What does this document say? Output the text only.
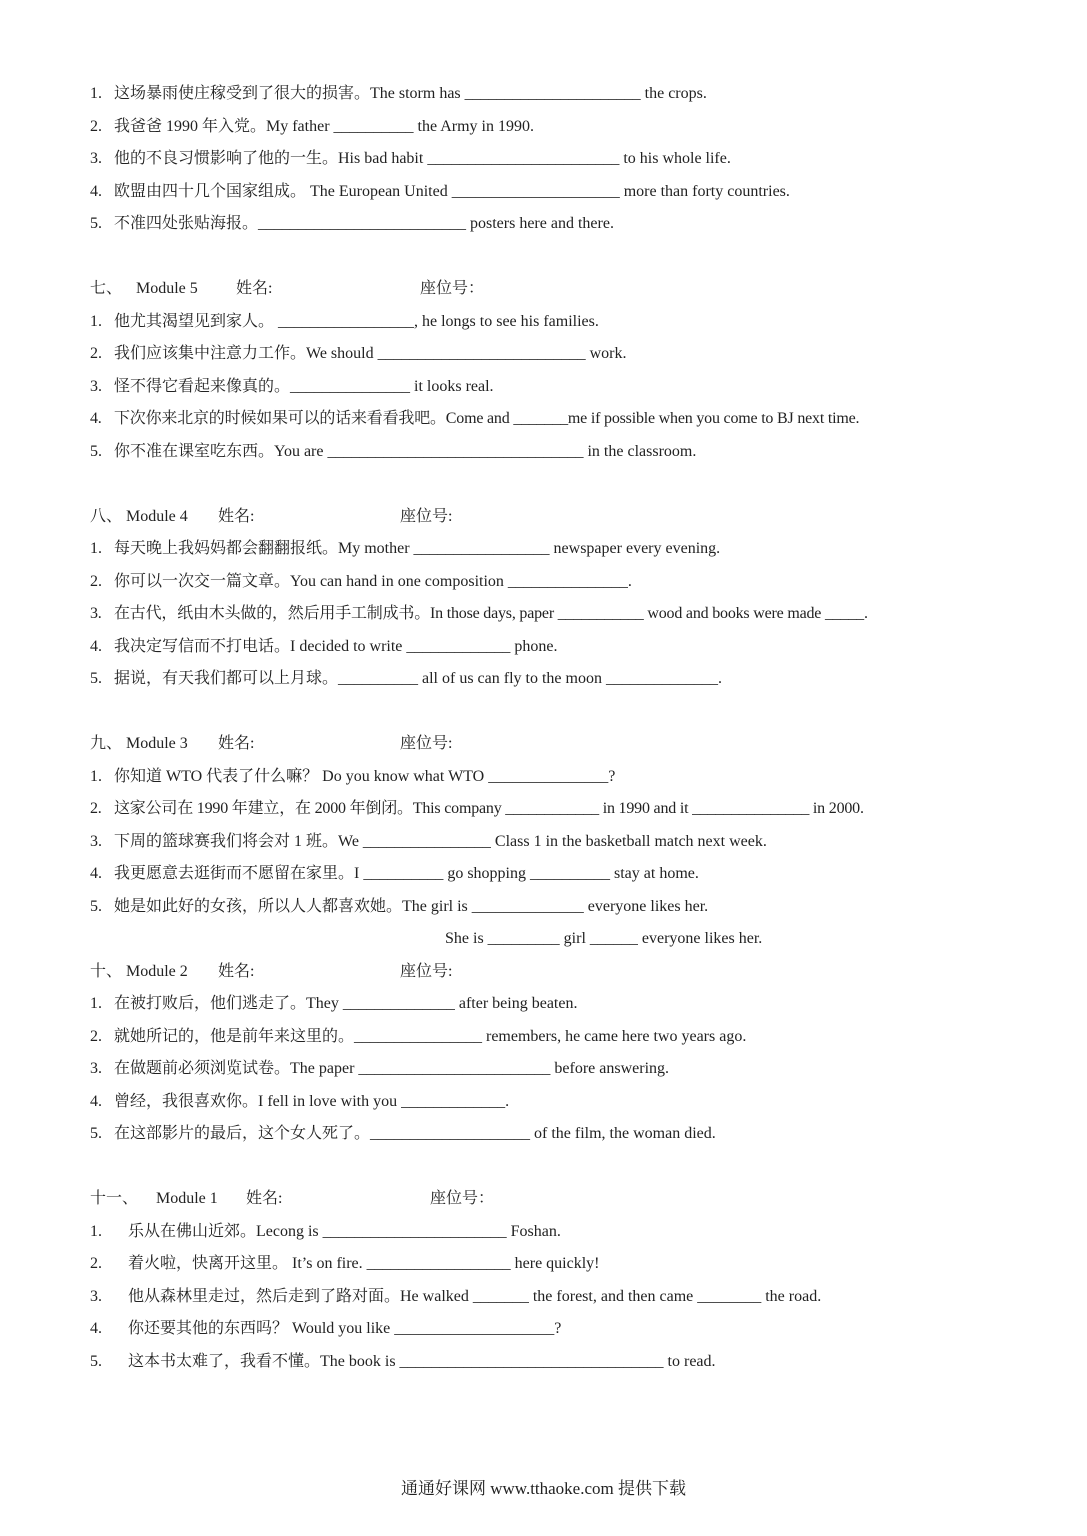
1. 这场暴雨使庄稼受到了很大的损害。The storm has ______________________ the crops.
2. 我爸爸 1990 年入党。My father __________ the Army in 1990.
3. 他的不良习惯影响了他的一生。His bad habit ________________________ to his whole life.
4. 欧盟由四十几个国家组成。 The European United _____________________ more than forty countries.
5. 不准四处张贴海报。__________________________ posters here and there.
七、 Module 5 姓名:	座位号：
1. 他尤其渴望见到家人。 _________________, he longs to see his families.
2. 我们应该集中注意力工作。We should __________________________ work.
3. 怪不得它看起来像真的。_______________ it looks real.
4. 下次你来北京的时候如果可以的话来看看我吧。Come and _______me if possible when you come to BJ next time.
5. 你不准在课室吃东西。You are ________________________________ in the classroom.
八、 Module 4 姓名:	座位号:
1. 每天晚上我妈妈都会翻翻报纸。My mother _________________ newspaper every evening.
2. 你可以一次交一篇文章。You can hand in one composition _______________.
3. 在古代，纸由木头做的，然后用手工制成书。In those days, paper ___________ wood and books were made _____.
4. 我决定写信而不打电话。I decided to write _____________ phone.
5. 据说，有天我们都可以上月球。__________ all of us can fly to the moon ______________.
九、 Module 3 姓名:	座位号:
1. 你知道 WTO 代表了什么嘛？ Do you know what WTO _______________?
2. 这家公司在 1990 年建立，在 2000 年倒闭。This company ____________ in 1990 and it _______________ in 2000.
3. 下周的篮球赛我们将会对 1 班。We ________________ Class 1 in the basketball match next week.
4. 我更愿意去逛街而不愿留在家里。I __________ go shopping __________ stay at home.
5. 她是如此好的女孩，所以人人都喜欢她。The girl is ______________ everyone likes her.
She is _________ girl ______ everyone likes her.
十、 Module 2 姓名:	座位号:
1. 在被打败后，他们逃走了。They ______________ after being beaten.
2. 就她所记的，他是前年来这里的。________________ remembers, he came here two years ago.
3. 在做题前必须浏览试卷。The paper ________________________ before answering.
4. 曾经，我很喜欢你。I fell in love with you _____________.
5. 在这部影片的最后，这个女人死了。____________________ of the film, the woman died.
十一、 Module 1 姓名:	座位号：
1. 乐从在佛山近郊。Lecong is _______________________ Foshan.
2. 着火啦，快离开这里。 It’s on fire. __________________ here quickly!
3. 他从森林里走过，然后走到了路对面。He walked _______ the forest, and then came ________ the road.
4. 你还要其他的东西吗？ Would you like ____________________?
5. 这本书太难了，我看不懂。The book is _________________________________ to read.
通通好课网 www.tthaoke.com 提供下载
